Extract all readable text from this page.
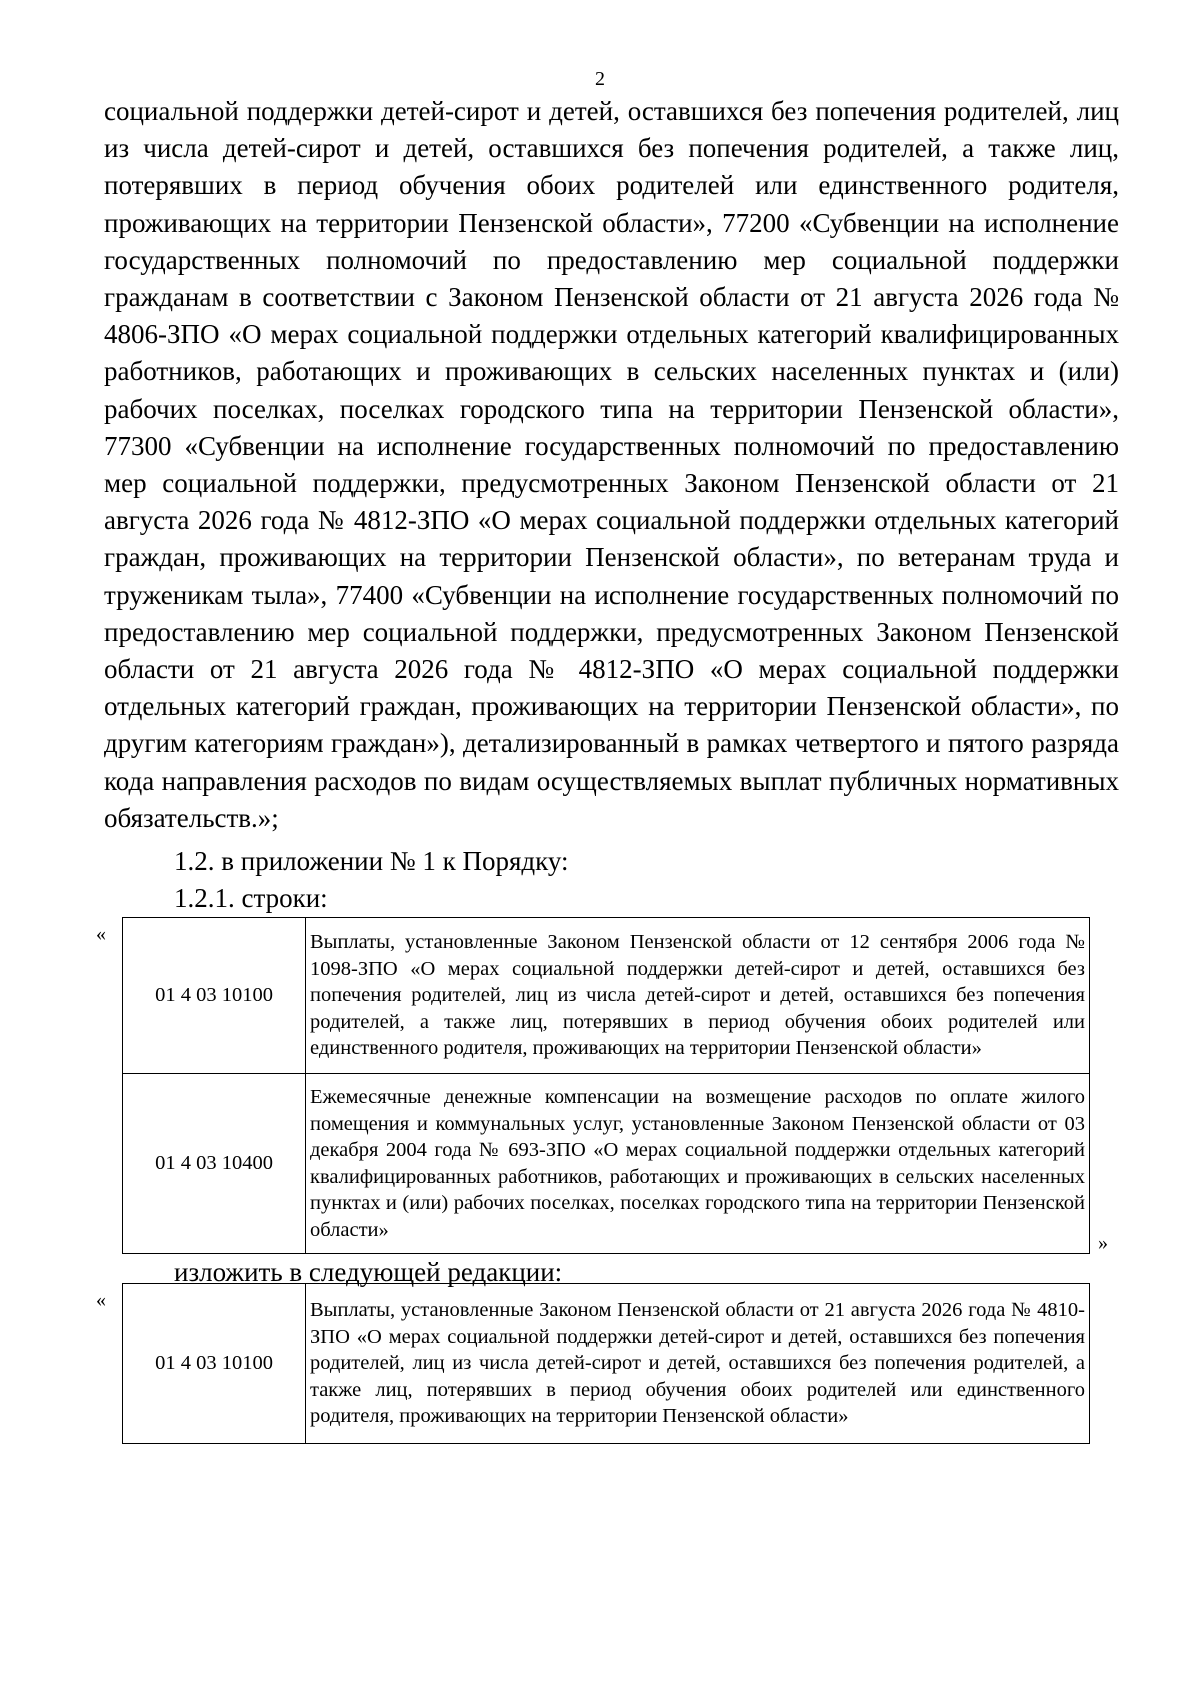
2

социальной поддержки детей-сирот и детей, оставшихся без попечения родителей, лиц из числа детей-сирот и детей, оставшихся без попечения родителей, а также лиц, потерявших в период обучения обоих родителей или единственного родителя, проживающих на территории Пензенской области», 77200 «Субвенции на исполнение государственных полномочий по предоставлению мер социальной поддержки гражданам в соответствии с Законом Пензенской области от 21 августа 2026 года № 4806-ЗПО «О мерах социальной поддержки отдельных категорий квалифицированных работников, работающих и проживающих в сельских населенных пунктах и (или) рабочих поселках, поселках городского типа на территории Пензенской области», 77300 «Субвенции на исполнение государственных полномочий по предоставлению мер социальной поддержки, предусмотренных Законом Пензенской области от 21 августа 2026 года № 4812-ЗПО «О мерах социальной поддержки отдельных категорий граждан, проживающих на территории Пензенской области», по ветеранам труда и труженикам тыла», 77400 «Субвенции на исполнение государственных полномочий по предоставлению мер социальной поддержки, предусмотренных Законом Пензенской области от 21 августа 2026 года № 4812-ЗПО «О мерах социальной поддержки отдельных категорий граждан, проживающих на территории Пензенской области», по другим категориям граждан»), детализированный в рамках четвертого и пятого разряда кода направления расходов по видам осуществляемых выплат публичных нормативных обязательств.»;

1.2. в приложении № 1 к Порядку:
1.2.1. строки:
«
01 4 03 10100	Выплаты, установленные Законом Пензенской области от 12 сентября 2006 года № 1098-ЗПО «О мерах социальной поддержки детей-сирот и детей, оставшихся без попечения родителей, лиц из числа детей-сирот и детей, оставшихся без попечения родителей, а также лиц, потерявших в период обучения обоих родителей или единственного родителя, проживающих на территории Пензенской области»
01 4 03 10400	Ежемесячные денежные компенсации на возмещение расходов по оплате жилого помещения и коммунальных услуг, установленные Законом Пензенской области от 03 декабря 2004 года № 693-ЗПО «О мерах социальной поддержки отдельных категорий квалифицированных работников, работающих и проживающих в сельских населенных пунктах и (или) рабочих поселках, поселках городского типа на территории Пензенской области»
»
изложить в следующей редакции:
«
01 4 03 10100	Выплаты, установленные Законом Пензенской области от 21 августа 2026 года № 4810-ЗПО «О мерах социальной поддержки детей-сирот и детей, оставшихся без попечения родителей, лиц из числа детей-сирот и детей, оставшихся без попечения родителей, а также лиц, потерявших в период обучения обоих родителей или единственного родителя, проживающих на территории Пензенской области»
